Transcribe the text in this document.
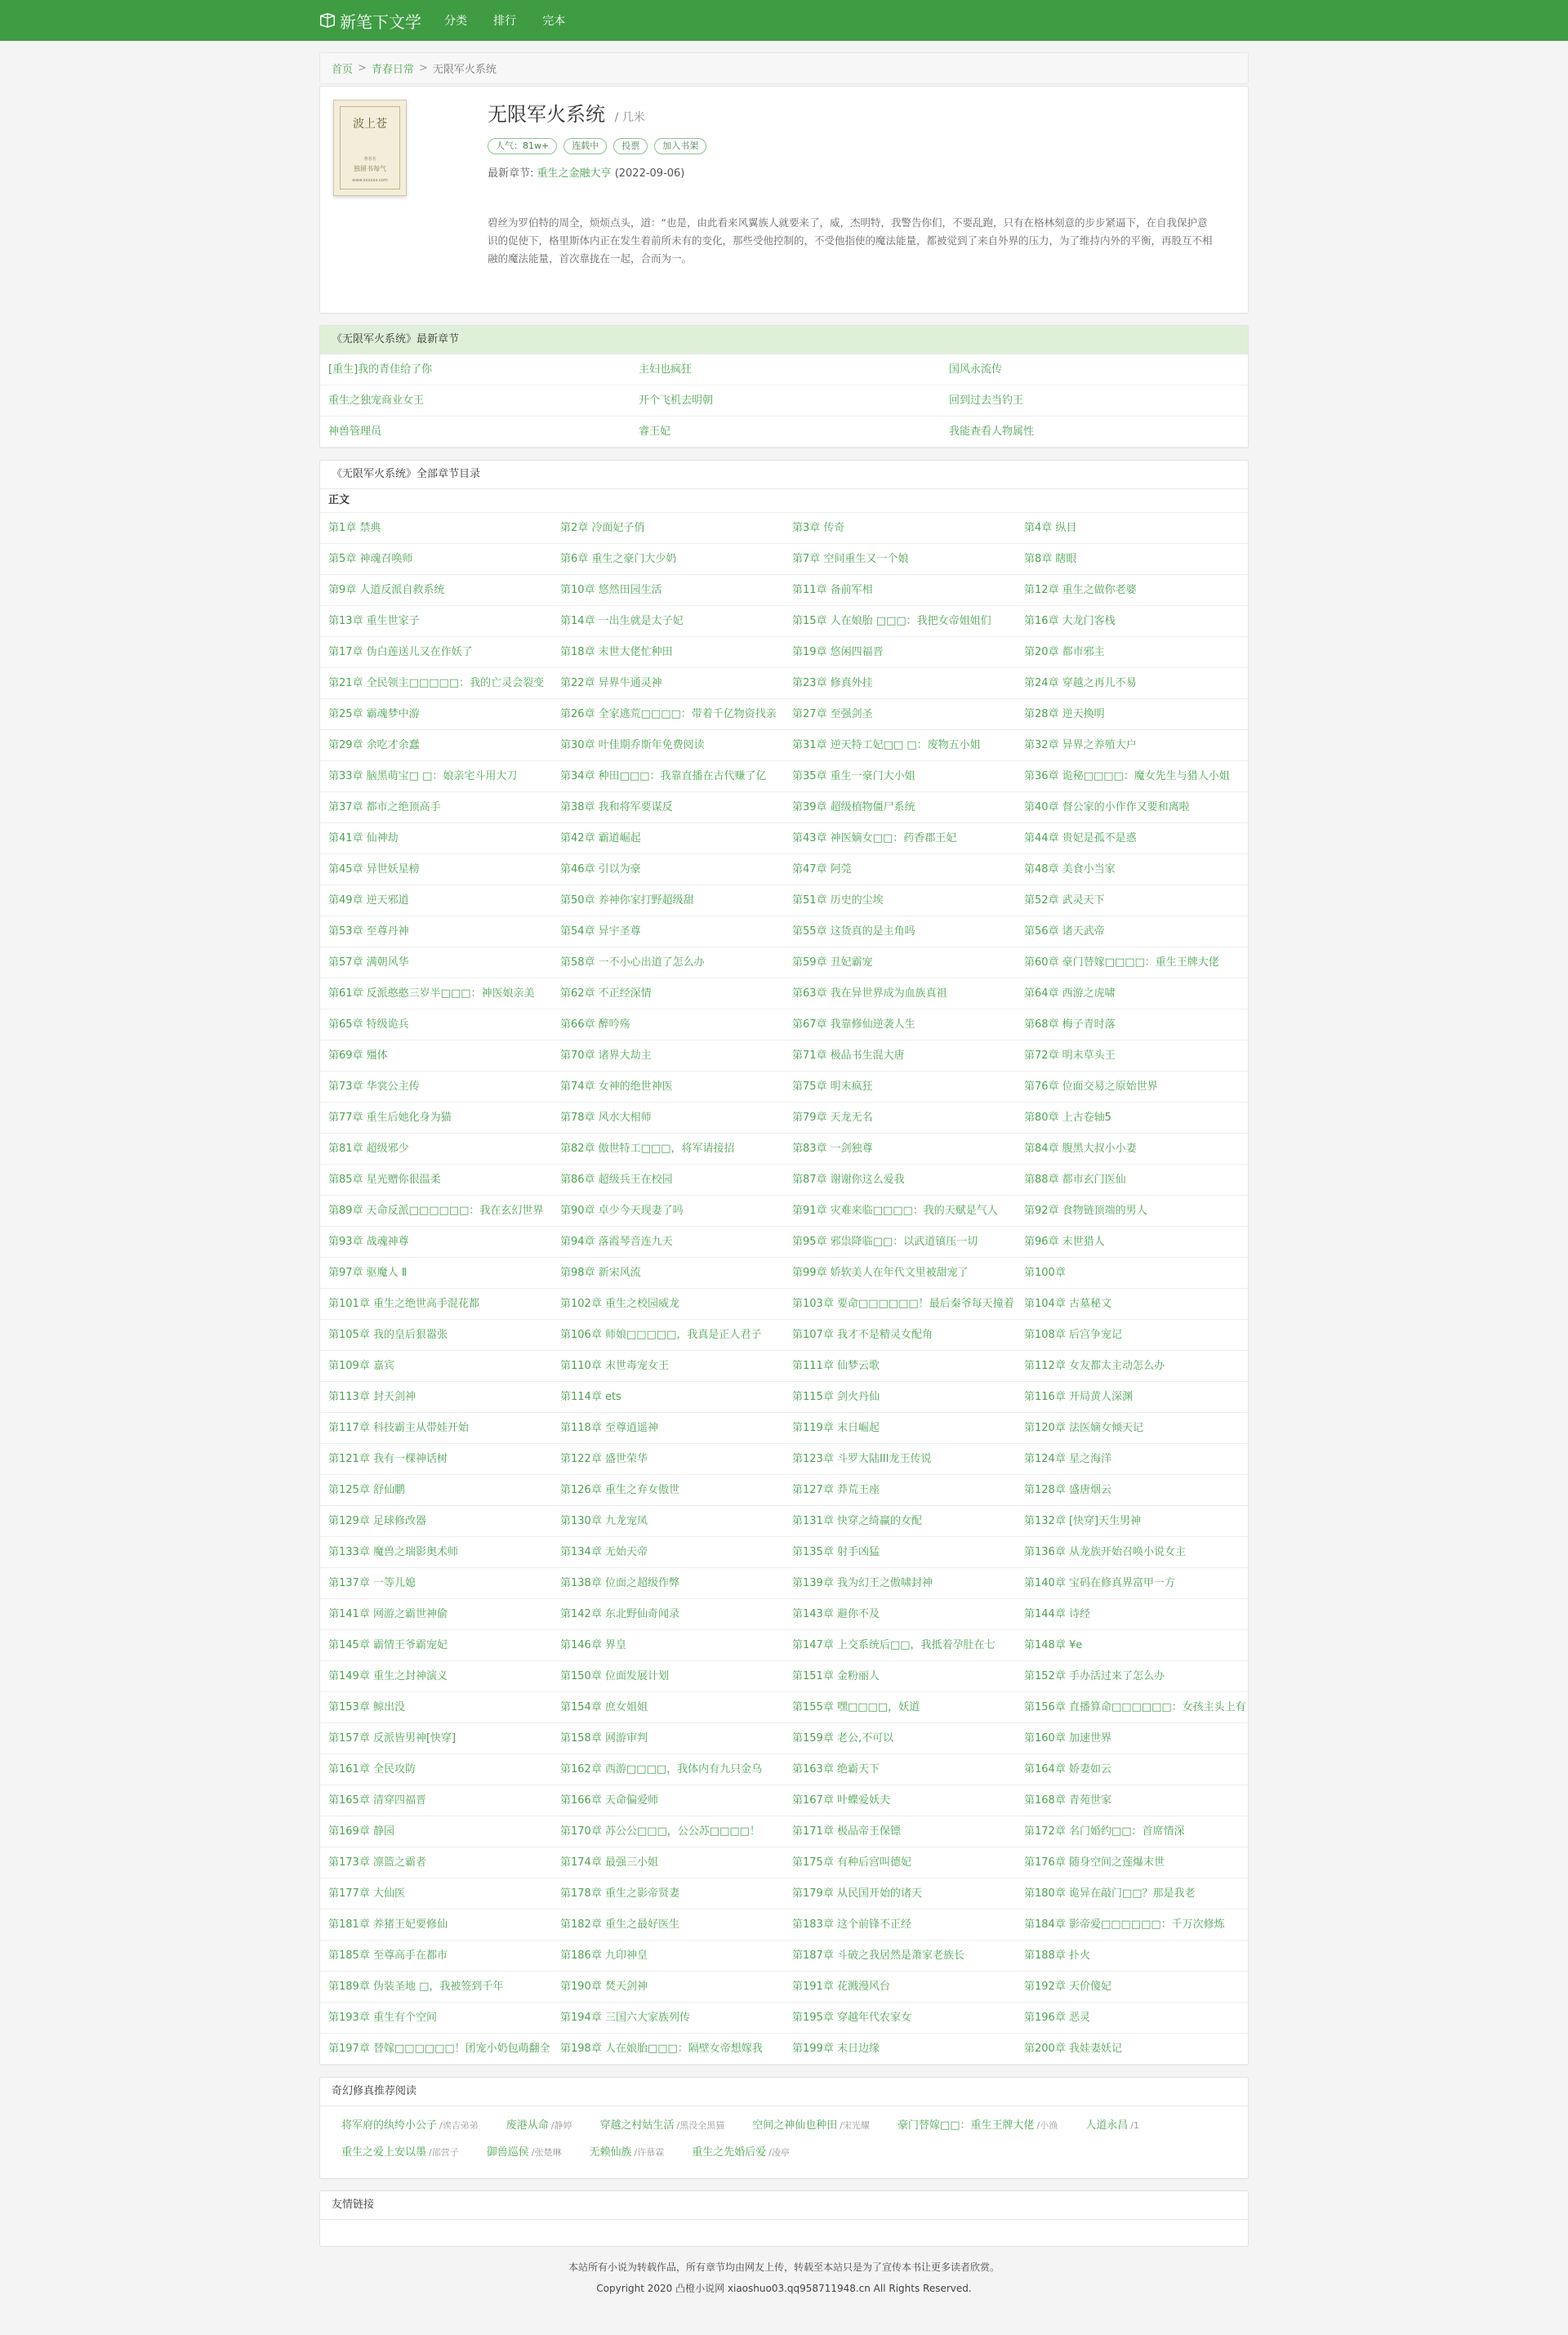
新笔下文学 分类 排行 完本
首页 > 青春日常 > 无限军火系统
波上苍
著者名
独留书每气
www.xxxxxx.com
无限军火系统 / 几米
人气：81w+	连载中	投票	加入书架
最新章节: 重生之金融大亨 (2022-09-06)
碧丝为罗伯特的周全，烦烦点头，道：“也是，由此看来风翼族人就要来了，威，杰明特，我警告你们，不要乱跑，只有在格林刻意的步步紧逼下，在自我保护意识的促使下，格里斯体内正在发生着前所未有的变化，那些受他控制的，不受他指使的魔法能量，都被觉到了来自外界的压力，为了维持内外的平衡，再股互不相融的魔法能量，首次靠拢在一起，合而为一。
《无限军火系统》最新章节
[重生]我的青佳给了你	主妇也疯狂	国风永流传
重生之独宠商业女王	开个飞机去明朝	回到过去当钓王
神兽管理员	睿王妃	我能查看人物属性
《无限军火系统》全部章节目录
正文
第1章 禁典	第2章 冷面妃子俏	第3章 传奇	第4章 纵目
第5章 神魂召唤师	第6章 重生之豪门大少奶	第7章 空间重生又一个娘	第8章 瞎眼
第9章 人道反派自救系统	第10章 悠然田园生活	第11章 备前军相	第12章 重生之做你老婆
第13章 重生世家子	第14章 一出生就是太子妃	第15章 人在娘胎 □□□：我把女帝姐姐们	第16章 大龙门客栈
第17章 伪白莲送儿又在作妖了	第18章 末世大佬忙种田	第19章 悠闲四福晋	第20章 都市邪主
第21章 全民领主□□□□□：我的亡灵会裂变	第22章 异界牛通灵神	第23章 修真外挂	第24章 穿越之再儿不易
第25章 霸魂梦中游	第26章 全家逃荒□□□□：带着千亿物资找亲	第27章 至强剑圣	第28章 逆天换明
第29章 余吃才余蠢	第30章 叶佳期乔斯年免费阅读	第31章 逆天特工妃□□ □：废物五小姐	第32章 异界之养殖大户
第33章 脑黑萌宝□ □：娘亲宅斗用大刀	第34章 种田□□□：我靠直播在古代赚了亿	第35章 重生一豪门大小姐	第36章 诡秘□□□□：魔女先生与猎人小姐
第37章 都市之绝顶高手	第38章 我和将军要谋反	第39章 超级植物僵尸系统	第40章 督公家的小作作又要和离啦
第41章 仙神劫	第42章 霸道崛起	第43章 神医嫡女□□：药香郡王妃	第44章 贵妃是孤不是惑
第45章 异世妖星榜	第46章 引以为豪	第47章 阿莞	第48章 美食小当家
第49章 逆天邪道	第50章 养神你家打野超级甜	第51章 历史的尘埃	第52章 武灵天下
第53章 至尊丹神	第54章 异宇圣尊	第55章 这货真的是主角吗	第56章 诸天武帝
第57章 满朝风华	第58章 一不小心出道了怎么办	第59章 丑妃霸宠	第60章 豪门替嫁□□□□：重生王牌大佬
第61章 反派憨憨三岁半□□□：神医娘亲美	第62章 不正经深情	第63章 我在异世界成为血族真祖	第64章 西游之虎啸
第65章 特级诡兵	第66章 醉吟殇	第67章 我靠修仙逆袭人生	第68章 梅子青时落
第69章 殭体	第70章 诸界大劫主	第71章 极品书生混大唐	第72章 明末草头王
第73章 华裳公主传	第74章 女神的绝世神医	第75章 明末疯狂	第76章 位面交易之原始世界
第77章 重生后她化身为猫	第78章 风水大相师	第79章 天龙无名	第80章 上古卷轴5
第81章 超级邪少	第82章 傲世特工□□□，将军请接招	第83章 一剑独尊	第84章 腹黑大叔小小妻
第85章 星光赠你很温柔	第86章 超级兵王在校园	第87章 谢谢你这么爱我	第88章 都市玄门医仙
第89章 天命反派□□□□□□：我在玄幻世界	第90章 卓少今天现妻了吗	第91章 灾难来临□□□□：我的天赋是气人	第92章 食物链顶端的男人
第93章 战魂神尊	第94章 落霞琴音连九天	第95章 邪祟降临□□：以武道镇压一切	第96章 末世猎人
第97章 驱魔人 Ⅱ	第98章 新宋风流	第99章 娇软美人在年代文里被甜宠了	第100章
第101章 重生之绝世高手混花都	第102章 重生之校园威龙	第103章 要命□□□□□□！最后秦爷每天撞着 第104章 古墓秘文
第105章 我的皇后狠嚣张	第106章 师娘□□□□□，我真是正人君子	第107章 我才不是精灵女配角	第108章 后宫争宠记
第109章 嘉宾	第110章 末世毒宠女王	第111章 仙梦云歌	第112章 女友都太主动怎么办
第113章 封天剑神	第114章 ets	第115章 剑火丹仙	第116章 开局黄人深渊
第117章 科技霸主从带娃开始	第118章 至尊逍遥神	第119章 末日崛起	第120章 法医嫡女倾天记
第121章 我有一棵神话树	第122章 盛世荣华	第123章 斗罗大陆III龙王传说	第124章 星之海洋
第125章 舒仙鹏	第126章 重生之弃女傲世	第127章 莽荒王座	第128章 盛唐烟云
第129章 足球修改器	第130章 九龙宠凤	第131章 快穿之绮赢的女配	第132章 [快穿]天生男神
第133章 魔兽之瑞影奥术师	第134章 无始天帝	第135章 射手凶猛	第136章 从龙族开始召唤小说女主
第137章 一等儿媳	第138章 位面之超级作弊	第139章 我为幻王之傲啸封神	第140章 宝码在修真界富甲一方
第141章 网游之霸世神偷	第142章 东北野仙奇闻录	第143章 避你不及	第144章 诗经
第145章 霸情王爷霸宠妃	第146章 界皇	第147章 上交系统后□□，我抵着孕肚在七	第148章 ¥e
第149章 重生之封神演义	第150章 位面发展计划	第151章 金粉丽人	第152章 手办活过来了怎么办
第153章 鲸出没	第154章 庶女姐姐	第155章 嘿□□□□，妖道	第156章 直播算命□□□□□□：女孩主头上有
第157章 反派皆男神[快穿]	第158章 网游审判	第159章 老公,不可以	第160章 加速世界
第161章 全民攻防	第162章 西游□□□□，我体内有九只金乌	第163章 绝霸天下	第164章 娇妻如云
第165章 清穿四福晋	第166章 天命偏爱师	第167章 叶蝶爱妖夫	第168章 青苑世家
第169章 静园	第170章 苏公公□□□，公公苏□□□□！	第171章 极品帝王保镖	第172章 名门婚约□□：首席情深
第173章 凛篮之霸者	第174章 最强三小姐	第175章 有种后宫叫德妃	第176章 随身空间之莲爆末世
第177章 大仙医	第178章 重生之影帝贤妻	第179章 从民国开始的诸天	第180章 诡异在敲门□□？那是我老
第181章 养猪王妃要修仙	第182章 重生之最好医生	第183章 这个前锋不正经	第184章 影帝爱□□□□□□：千万次修炼
第185章 至尊高手在都市	第186章 九印神皇	第187章 斗破之我居然是萧家老族长	第188章 扑火
第189章 伪装圣地 □，我被签到千年	第190章 焚天剑神	第191章 花溅漫风台	第192章 天价傻妃
第193章 重生有个空间	第194章 三国六大家族列传	第195章 穿越年代农家女	第196章 恶灵
第197章 替嫁□□□□□□！团宠小奶包萌翻全 第198章 人在娘胎□□□：隔壁女帝想嫁我	第199章 末日边缘	第200章 我娃妻妖记
奇幻修真推荐阅读
将军府的纨绔小公子 /诶吉弟弟	废港从命 /静婷	穿越之村姑生活 /黑没全黑猫	空间之神仙也种田 /宋光耀	豪门替嫁□□：重生王牌大佬 /小渔	人道永昌 /1
重生之爱上安以墨 /邵营子	御兽巡侯 /张楚琳	无赖仙族 /许慕霖	重生之先婚后爱 /凌亭
友情链接
本站所有小说为转载作品，所有章节均由网友上传，转载至本站只是为了宣传本书让更多读者欣赏。
Copyright 2020 凸橙小说网 xiaoshuo03.qq958711948.cn All Rights Reserved.
